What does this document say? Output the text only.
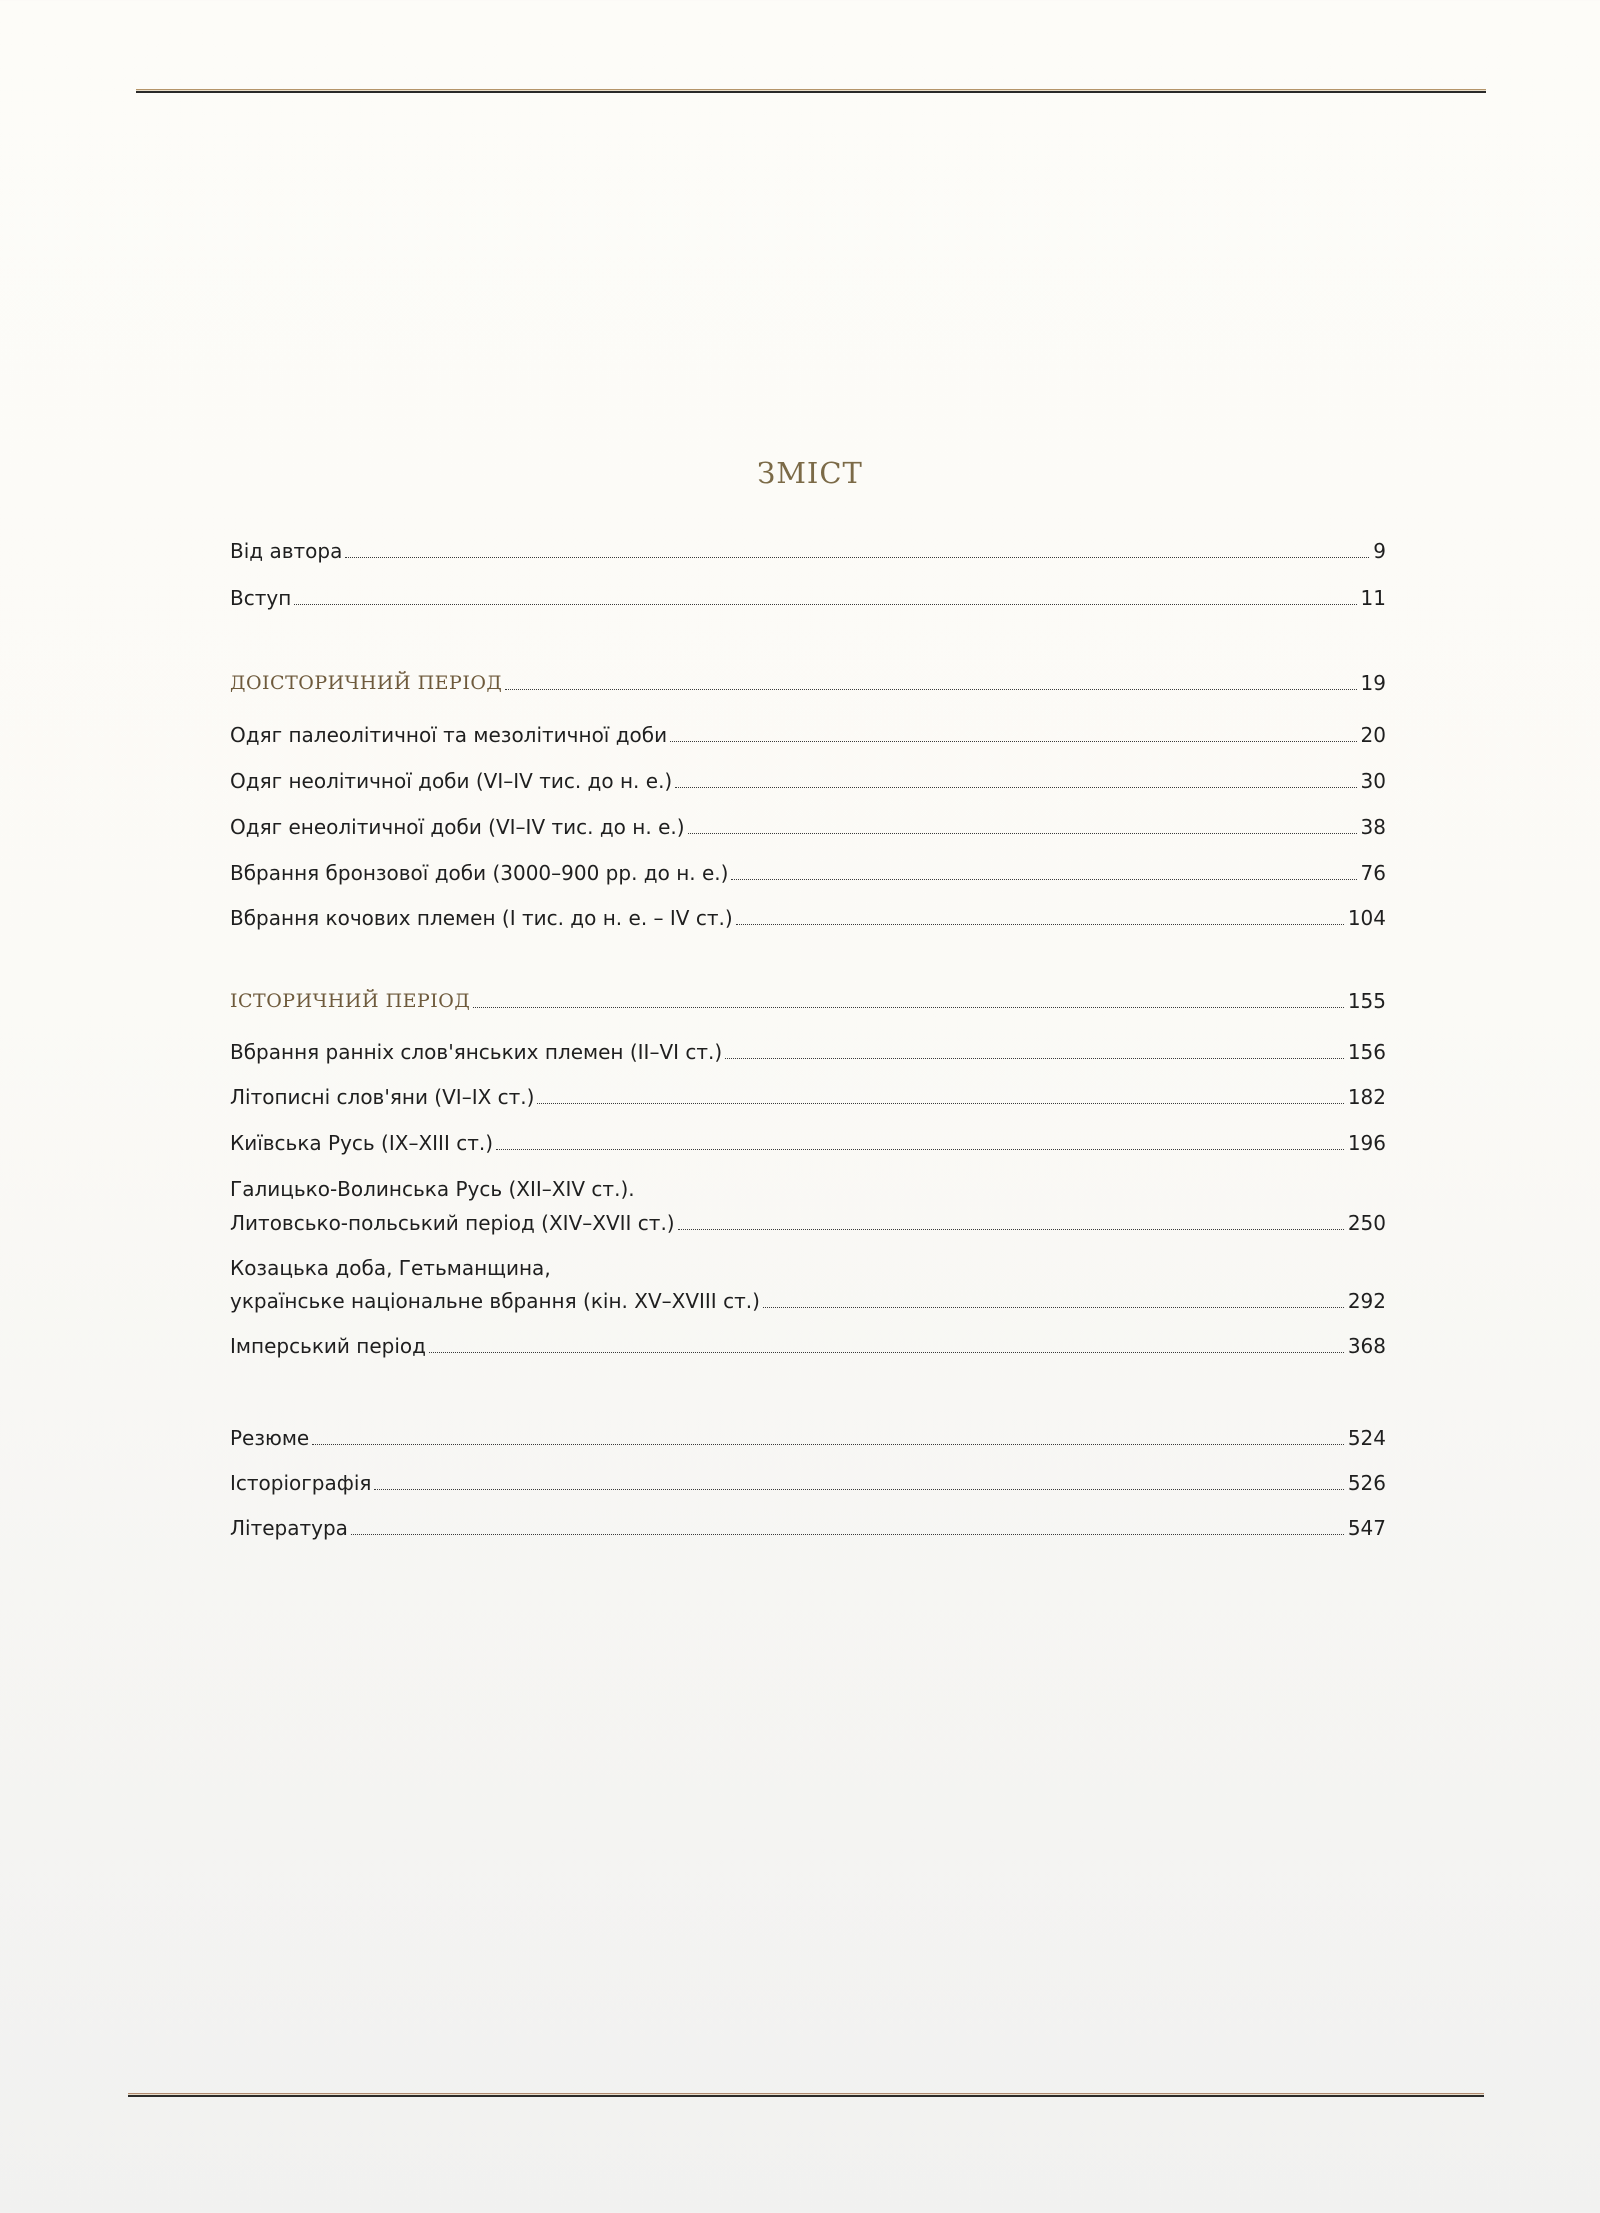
ЗМІСТ
Від автора	9
Вступ	11
ДОІСТОРИЧНИЙ ПЕРІОД	19
Одяг палеолітичної та мезолітичної доби	20
Одяг неолітичної доби (VI–IV тис. до н. е.)	30
Одяг енеолітичної доби (VI–IV тис. до н. е.)	38
Вбрання бронзової доби (3000–900 рр. до н. е.)	76
Вбрання кочових племен (І тис. до н. е. – IV ст.)	104
ІСТОРИЧНИЙ ПЕРІОД	155
Вбрання ранніх слов'янських племен (II–VI ст.)	156
Літописні слов'яни (VI–IX ст.)	182
Київська Русь (IX–XIII ст.)	196
Галицько-Волинська Русь (XII–XIV ст.).
Литовсько-польський період (XIV–XVII ст.)	250
Козацька доба, Гетьманщина,
українське національне вбрання (кін. XV–XVIII ст.)	292
Імперський період	368
Резюме	524
Історіографія	526
Література	547
